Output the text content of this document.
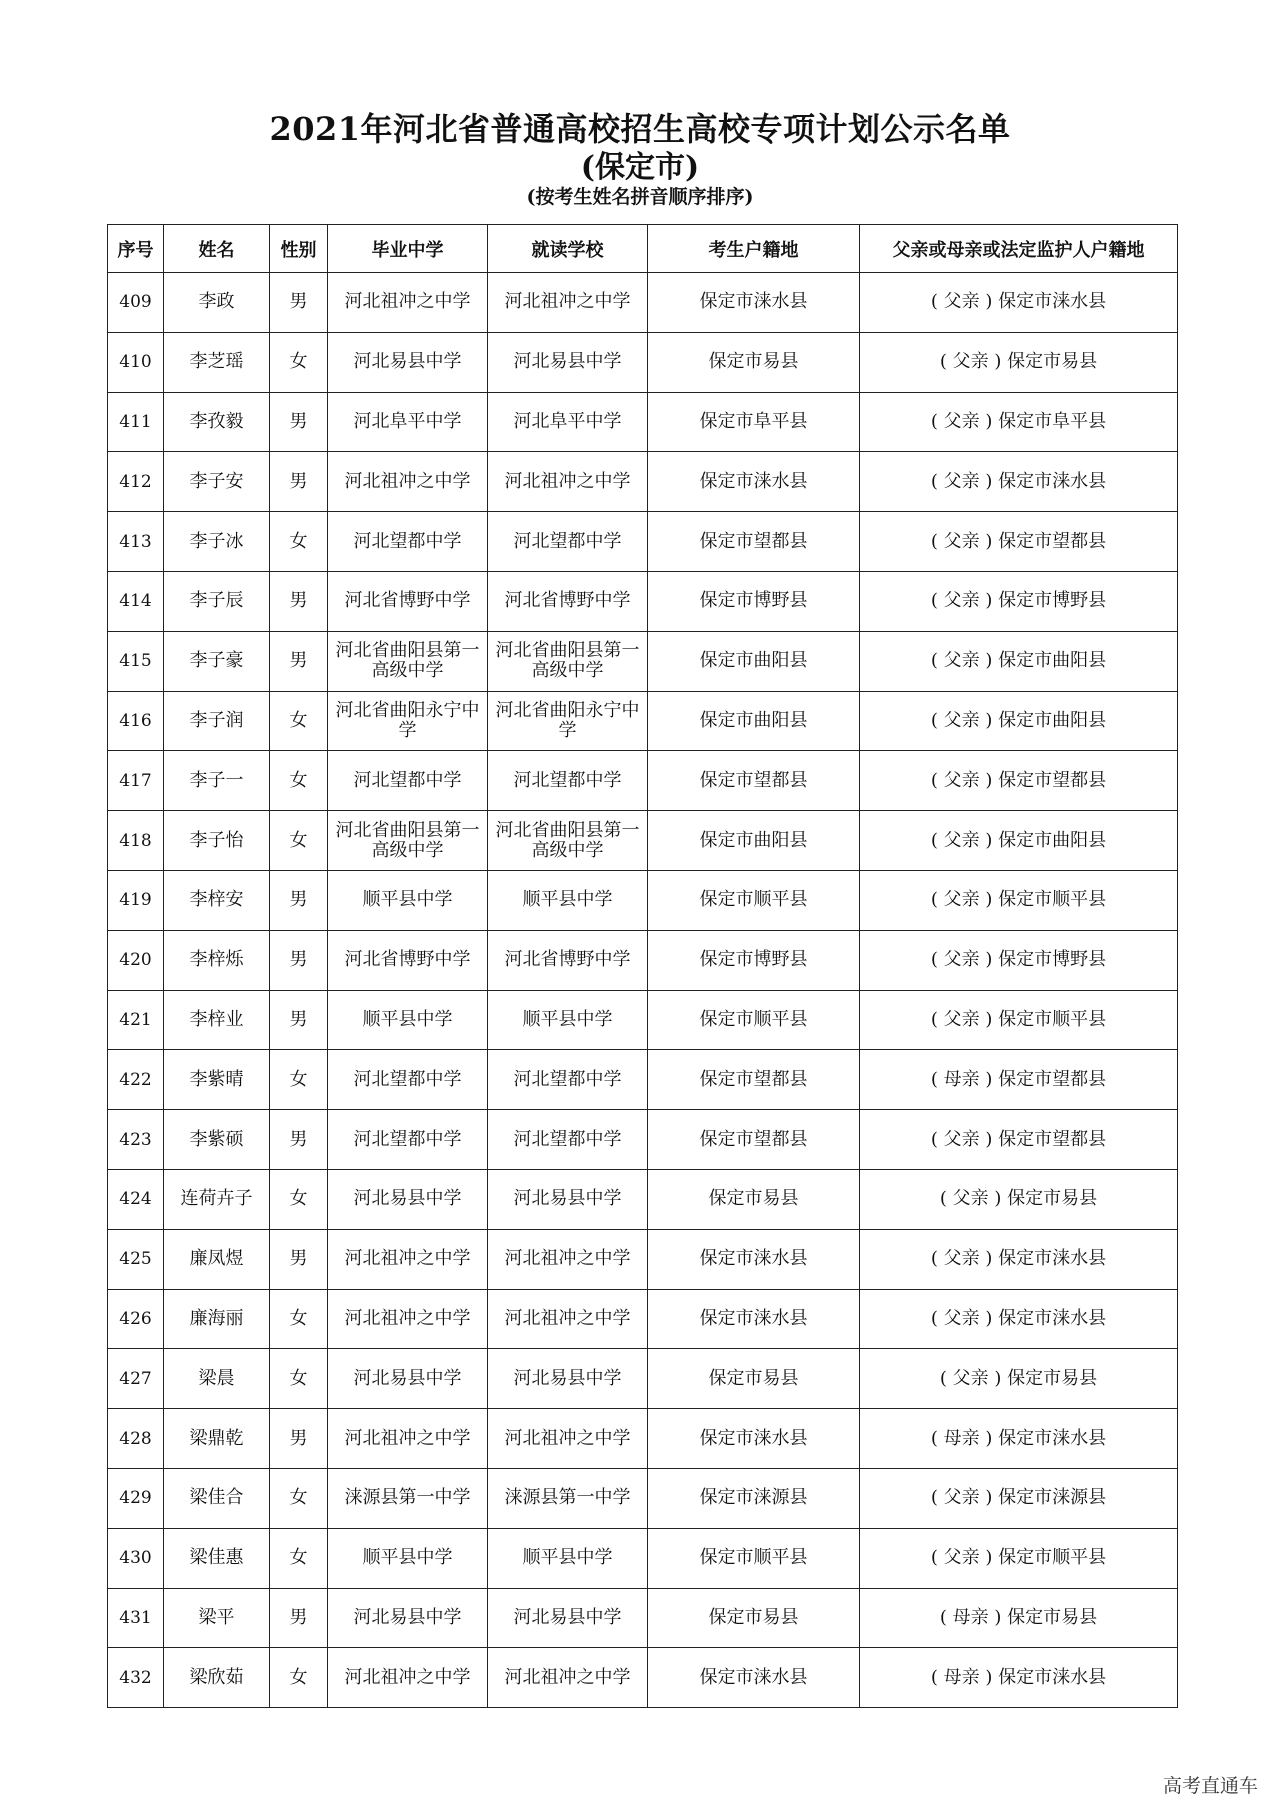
2021年河北省普通高校招生高校专项计划公示名单
(保定市)
(按考生姓名拼音顺序排序)
序号	姓名	性别	毕业中学	就读学校	考生户籍地	父亲或母亲或法定监护人户籍地
409	李政	男	河北祖冲之中学	河北祖冲之中学	保定市涞水县	( 父亲 ) 保定市涞水县
410	李芝瑶	女	河北易县中学	河北易县中学	保定市易县	( 父亲 ) 保定市易县
411	李孜毅	男	河北阜平中学	河北阜平中学	保定市阜平县	( 父亲 ) 保定市阜平县
412	李子安	男	河北祖冲之中学	河北祖冲之中学	保定市涞水县	( 父亲 ) 保定市涞水县
413	李子冰	女	河北望都中学	河北望都中学	保定市望都县	( 父亲 ) 保定市望都县
414	李子辰	男	河北省博野中学	河北省博野中学	保定市博野县	( 父亲 ) 保定市博野县
415	李子豪	男	河北省曲阳县第一高级中学	河北省曲阳县第一高级中学	保定市曲阳县	( 父亲 ) 保定市曲阳县
416	李子润	女	河北省曲阳永宁中学	河北省曲阳永宁中学	保定市曲阳县	( 父亲 ) 保定市曲阳县
417	李子一	女	河北望都中学	河北望都中学	保定市望都县	( 父亲 ) 保定市望都县
418	李子怡	女	河北省曲阳县第一高级中学	河北省曲阳县第一高级中学	保定市曲阳县	( 父亲 ) 保定市曲阳县
419	李梓安	男	顺平县中学	顺平县中学	保定市顺平县	( 父亲 ) 保定市顺平县
420	李梓烁	男	河北省博野中学	河北省博野中学	保定市博野县	( 父亲 ) 保定市博野县
421	李梓业	男	顺平县中学	顺平县中学	保定市顺平县	( 父亲 ) 保定市顺平县
422	李紫晴	女	河北望都中学	河北望都中学	保定市望都县	( 母亲 ) 保定市望都县
423	李紫硕	男	河北望都中学	河北望都中学	保定市望都县	( 父亲 ) 保定市望都县
424	连荷卉子	女	河北易县中学	河北易县中学	保定市易县	( 父亲 ) 保定市易县
425	廉凤煜	男	河北祖冲之中学	河北祖冲之中学	保定市涞水县	( 父亲 ) 保定市涞水县
426	廉海丽	女	河北祖冲之中学	河北祖冲之中学	保定市涞水县	( 父亲 ) 保定市涞水县
427	梁晨	女	河北易县中学	河北易县中学	保定市易县	( 父亲 ) 保定市易县
428	梁鼎乾	男	河北祖冲之中学	河北祖冲之中学	保定市涞水县	( 母亲 ) 保定市涞水县
429	梁佳合	女	涞源县第一中学	涞源县第一中学	保定市涞源县	( 父亲 ) 保定市涞源县
430	梁佳惠	女	顺平县中学	顺平县中学	保定市顺平县	( 父亲 ) 保定市顺平县
431	梁平	男	河北易县中学	河北易县中学	保定市易县	( 母亲 ) 保定市易县
432	梁欣茹	女	河北祖冲之中学	河北祖冲之中学	保定市涞水县	( 母亲 ) 保定市涞水县
高考直通车
